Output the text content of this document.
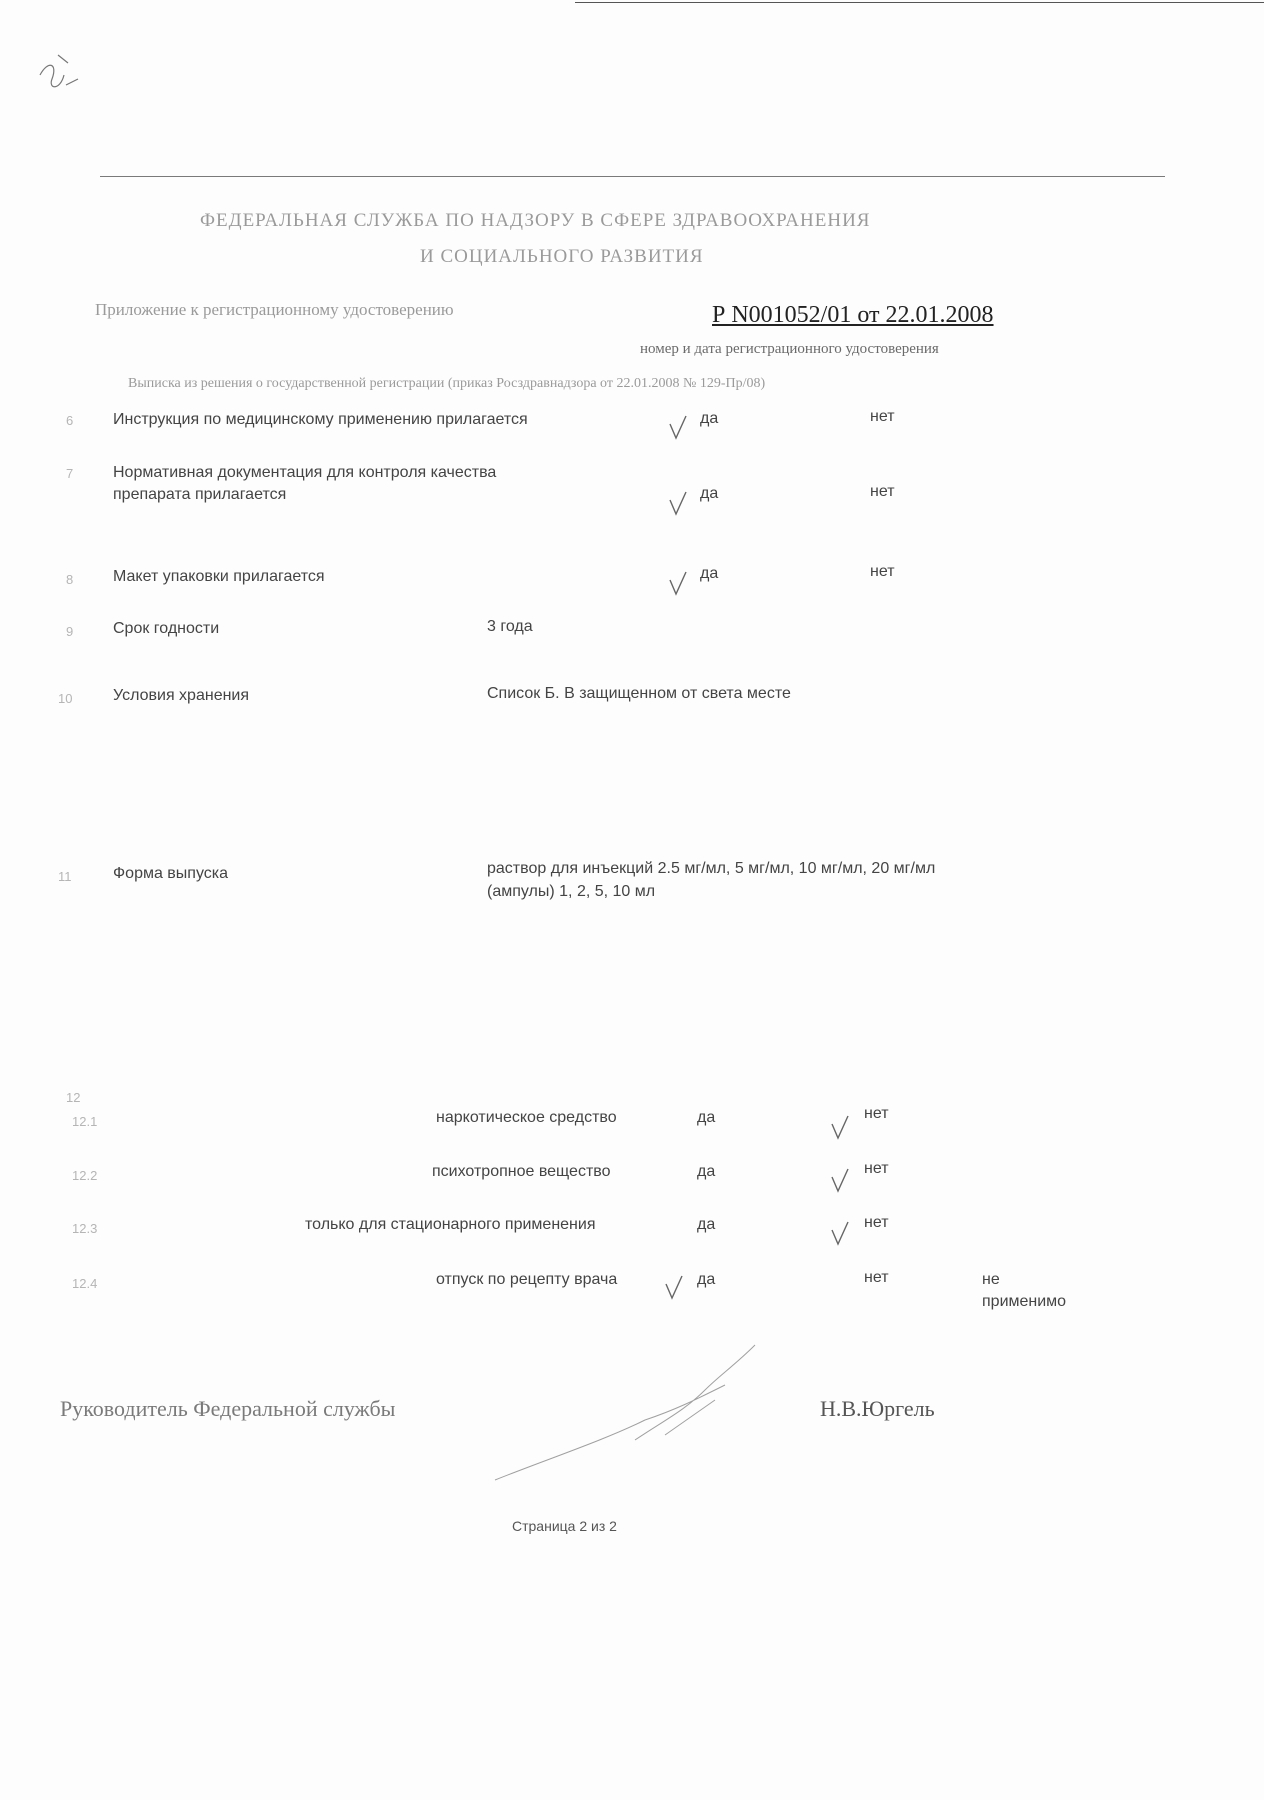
ФЕДЕРАЛЬНАЯ СЛУЖБА ПО НАДЗОРУ В СФЕРЕ ЗДРАВООХРАНЕНИЯ
И СОЦИАЛЬНОГО РАЗВИТИЯ
Приложение к регистрационному удостоверению	Р N001052/01 от 22.01.2008
номер и дата регистрационного удостоверения
Выписка из решения о государственной регистрации (приказ Росздравнадзора от 22.01.2008 № 129-Пр/08)
6 Инструкция по медицинскому применению прилагается	да	нет
7 Нормативная документация для контроля качества
препарата прилагается	да	нет
8 Макет упаковки прилагается	да	нет
9 Срок годности	3 года
10	Условия хранения	Список Б. В защищенном от света месте
11	Форма выпуска	раствор для инъекций 2.5 мг/мл, 5 мг/мл, 10 мг/мл, 20 мг/мл
(ампулы) 1, 2, 5, 10 мл
12
12.1	наркотическое средство	да	нет
12.2	психотропное вещество	да	нет
12.3	только для стационарного применения	да	нет
12.4	отпуск по рецепту врача	да	нет	не
применимо
Руководитель Федеральной службы	Н.В.Юргель
Страница 2 из 2
